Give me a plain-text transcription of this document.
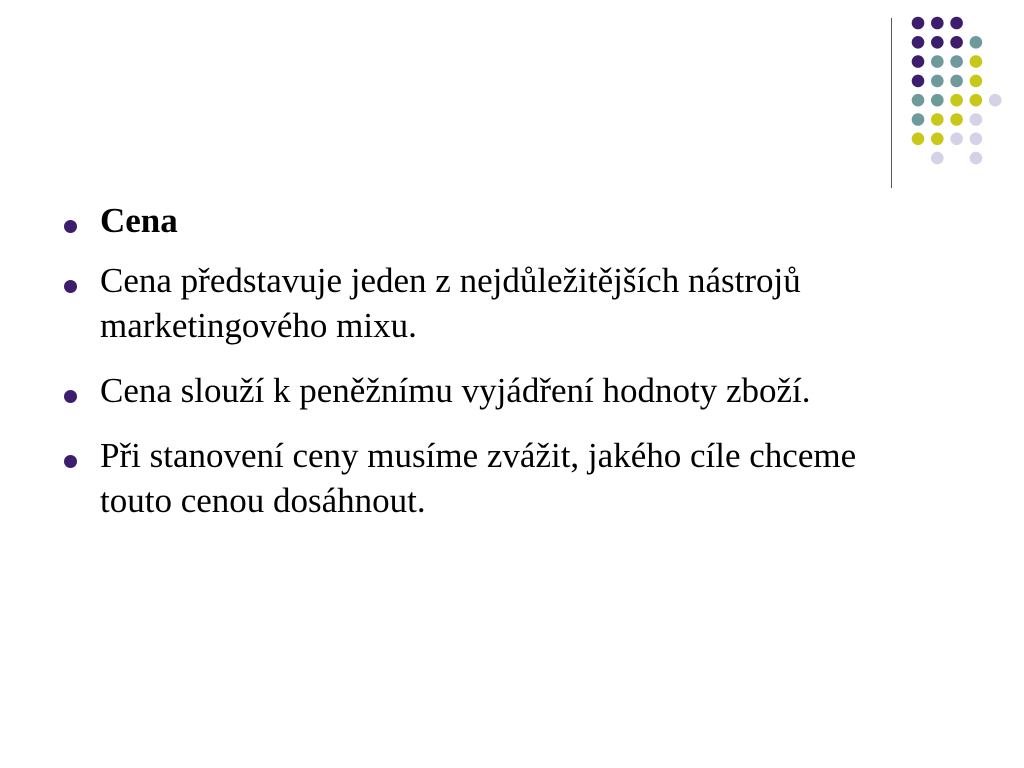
Cena
Cena představuje jeden z nejdůležitějších nástrojů marketingového mixu.
Cena slouží k peněžnímu vyjádření hodnoty zboží.
Při stanovení ceny musíme zvážit, jakého cíle chceme touto cenou dosáhnout.
